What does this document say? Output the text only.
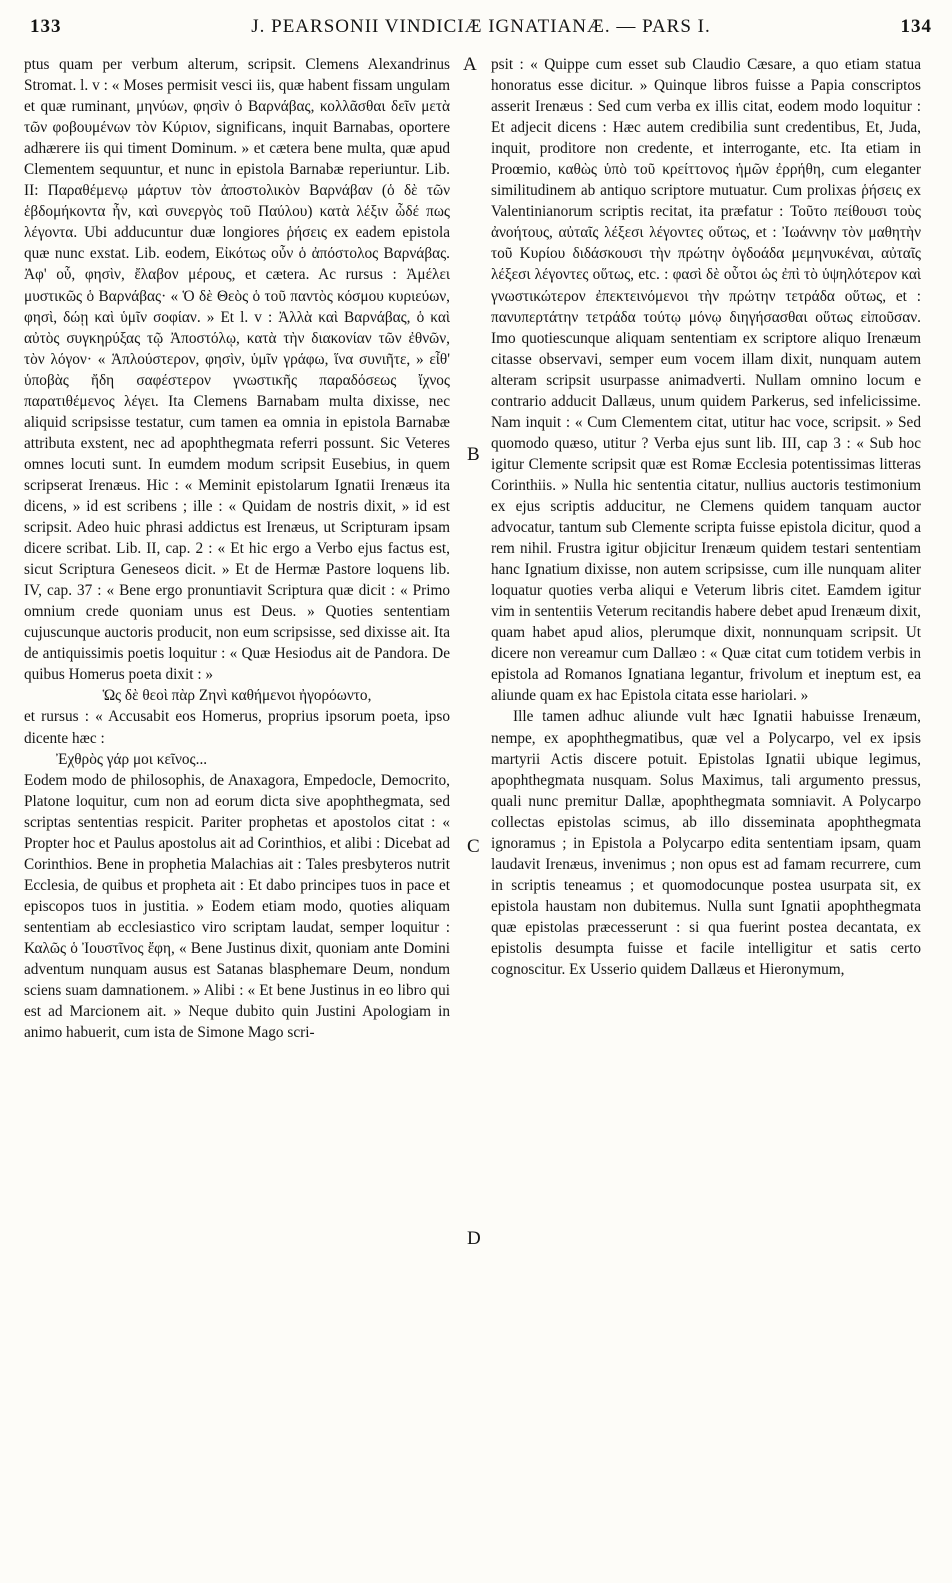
133	J. PEARSONII VINDICIÆ IGNATIANÆ. — PARS I.	134

ptus quam per verbum alterum, scripsit. Clemens Alexandrinus Stromat. l. v : « Moses permisit vesci iis, quæ habent fissam ungulam et quæ ruminant, μηνύων, φησὶν ὁ Βαρνάβας, κολλᾶσθαι δεῖν μετὰ τῶν φοβουμένων τὸν Κύριον, significans, inquit Barnabas, oportere adhærere iis qui timent Dominum. » et cætera bene multa, quæ apud Clementem sequuntur, et nunc in epistola Barnabæ reperiuntur. Lib. II: Παραθέμενῳ μάρτυν τὸν ἀποστολικὸν Βαρνάβαν (ὁ δὲ τῶν ἑβδομήκοντα ἦν, καὶ συνεργὸς τοῦ Παύλου) κατὰ λέξιν ὧδέ πως λέγοντα. Ubi adducuntur duæ longiores ῥήσεις ex eadem epistola quæ nunc exstat. Lib. eodem, Εἰκότως οὖν ὁ ἀπόστολος Βαρνάβας. Ἀφ' οὗ, φησὶν, ἔλαβον μέρους, et cætera. Ac rursus : Ἀμέλει μυστικῶς ὁ Βαρνάβας· « Ὁ δὲ Θεὸς ὁ τοῦ παντὸς κόσμου κυριεύων, φησὶ, δώῃ καὶ ὑμῖν σοφίαν. » Et l. v : Ἀλλὰ καὶ Βαρνάβας, ὁ καὶ αὐτὸς συγκηρύξας τῷ Ἀποστόλῳ, κατὰ τὴν διακονίαν τῶν ἐθνῶν, τὸν λόγον· « Ἁπλούστερον, φησὶν, ὑμῖν γράφω, ἵνα συνιῆτε, » εἶθ' ὑποβὰς ἤδη σαφέστερον γνωστικῆς παραδόσεως ἴχνος παρατιθέμενος λέγει. Ita Clemens Barnabam multa dixisse, nec aliquid scripsisse testatur, cum tamen ea omnia in epistola Barnabæ attributa exstent, nec ad apophthegmata referri possunt. Sic Veteres omnes locuti sunt. In eumdem modum scripsit Eusebius, in quem scripserat Irenæus. Hic : « Meminit epistolarum Ignatii Irenæus ita dicens, » id est scribens ; ille : « Quidam de nostris dixit, » id est scripsit. Adeo huic phrasi addictus est Irenæus, ut Scripturam ipsam dicere scribat. Lib. II, cap. 2 : « Et hic ergo a Verbo ejus factus est, sicut Scriptura Geneseos dicit. » Et de Hermæ Pastore loquens lib. IV, cap. 37 : « Bene ergo pronuntiavit Scriptura quæ dicit : « Primo omnium crede quoniam unus est Deus. » Quoties sententiam cujuscunque auctoris producit, non eum scripsisse, sed dixisse ait. Ita de antiquissimis poetis loquitur : « Quæ Hesiodus ait de Pandora. De quibus Homerus poeta dixit : »

Ὡς δὲ θεοὶ πὰρ Ζηνὶ καθήμενοι ἠγορόωντο,

et rursus : « Accusabit eos Homerus, proprius ipsorum poeta, ipso dicente hæc :

Ἐχθρὸς γάρ μοι κεῖνος...

Eodem modo de philosophis, de Anaxagora, Empedocle, Democrito, Platone loquitur, cum non ad eorum dicta sive apophthegmata, sed scriptas sententias respicit. Pariter prophetas et apostolos citat : « Propter hoc et Paulus apostolus ait ad Corinthios, et alibi : Dicebat ad Corinthios. Bene in prophetia Malachias ait : Tales presbyteros nutrit Ecclesia, de quibus et propheta ait : Et dabo principes tuos in pace et episcopos tuos in justitia. » Eodem etiam modo, quoties aliquam sententiam ab ecclesiastico viro scriptam laudat, semper loquitur : Καλῶς ὁ Ἰουστῖνος ἔφη, « Bene Justinus dixit, quoniam ante Domini adventum nunquam ausus est Satanas blasphemare Deum, nondum sciens suam damnationem. » Alibi : « Et bene Justinus in eo libro qui est ad Marcionem ait. » Neque dubito quin Justini Apologiam in animo habuerit, cum ista de Simone Mago scri-

psit : « Quippe cum esset sub Claudio Cæsare, a quo etiam statua honoratus esse dicitur. » Quinque libros fuisse a Papia conscriptos asserit Irenæus : Sed cum verba ex illis citat, eodem modo loquitur : Et adjecit dicens : Hæc autem credibilia sunt credentibus, Et, Juda, inquit, proditore non credente, et interrogante, etc. Ita etiam in Proœmio, καθὼς ὑπὸ τοῦ κρείττονος ἡμῶν ἐρρήθη, cum eleganter similitudinem ab antiquo scriptore mutuatur. Cum prolixas ῥήσεις ex Valentinianorum scriptis recitat, ita præfatur : Τοῦτο πείθουσι τοὺς ἀνοήτους, αὐταῖς λέξεσι λέγοντες οὕτως, et : Ἰωάννην τὸν μαθητὴν τοῦ Κυρίου διδάσκουσι τὴν πρώτην ὀγδοάδα μεμηνυκέναι, αὐταῖς λέξεσι λέγοντες οὕτως, etc. : φασὶ δὲ οὗτοι ὡς ἐπὶ τὸ ὑψηλότερον καὶ γνωστικώτερον ἐπεκτεινόμενοι τὴν πρώτην τετράδα οὕτως, et : πανυπερτάτην τετράδα τούτῳ μόνῳ διηγήσασθαι οὕτως εἰποῦσαν. Imo quotiescunque aliquam sententiam ex scriptore aliquo Irenæum citasse observavi, semper eum vocem illam dixit, nunquam autem alteram scripsit usurpasse animadverti. Nullam omnino locum e contrario adducit Dallæus, unum quidem Parkerus, sed infelicissime. Nam inquit : « Cum Clementem citat, utitur hac voce, scripsit. » Sed quomodo quæso, utitur ? Verba ejus sunt lib. III, cap 3 : « Sub hoc igitur Clemente scripsit quæ est Romæ Ecclesia potentissimas litteras Corinthiis. » Nulla hic sententia citatur, nullius auctoris testimonium ex ejus scriptis adducitur, ne Clemens quidem tanquam auctor advocatur, tantum sub Clemente scripta fuisse epistola dicitur, quod a rem nihil. Frustra igitur objicitur Irenæum quidem testari sententiam hanc Ignatium dixisse, non autem scripsisse, cum ille nunquam aliter loquatur quoties verba aliqui e Veterum libris citet. Eamdem igitur vim in sententiis Veterum recitandis habere debet apud Irenæum dixit, quam habet apud alios, plerumque dixit, nonnunquam scripsit. Ut dicere non vereamur cum Dallæo : « Quæ citat cum totidem verbis in epistola ad Romanos Ignatiana legantur, frivolum et ineptum est, ea aliunde quam ex hac Epistola citata esse hariolari. »

Ille tamen adhuc aliunde vult hæc Ignatii habuisse Irenæum, nempe, ex apophthegmatibus, quæ vel a Polycarpo, vel ex ipsis martyrii Actis discere potuit. Epistolas Ignatii ubique legimus, apophthegmata nusquam. Solus Maximus, tali argumento pressus, quali nunc premitur Dallæ, apophthegmata somniavit. A Polycarpo collectas epistolas scimus, ab illo disseminata apophthegmata ignoramus ; in Epistola a Polycarpo edita sententiam ipsam, quam laudavit Irenæus, invenimus ; non opus est ad famam recurrere, cum in scriptis teneamus ; et quomodocunque postea usurpata sit, ex epistola haustam non dubitemus. Nulla sunt Ignatii apophthegmata quæ epistolas præcesserunt : si qua fuerint postea decantata, ex epistolis desumpta fuisse et facile intelligitur et satis certo cognoscitur. Ex Usserio quidem Dallæus et Hieronymum,

A
B
C
D
